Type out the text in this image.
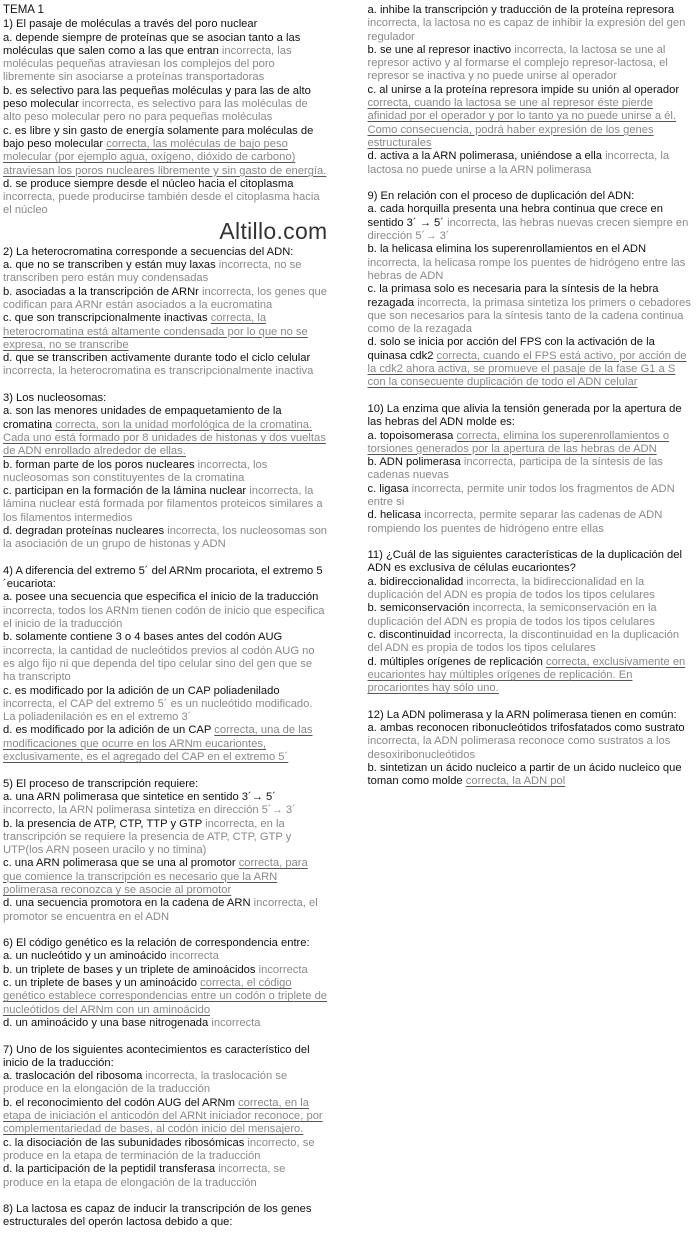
TEMA 1
1) El pasaje de moléculas a través del poro nuclear
a. depende siempre de proteínas que se asocian tanto a las moléculas que salen como a las que entran incorrecta, las moléculas pequeñas atraviesan los complejos del poro libremente sin asociarse a proteínas transportadoras
b. es selectivo para las pequeñas moléculas y para las de alto peso molecular incorrecta, es selectivo para las moléculas de alto peso molecular pero no para pequeñas moléculas
c. es libre y sin gasto de energía solamente para moléculas de bajo peso molecular correcta, las moléculas de bajo peso molecular (por ejemplo agua, oxígeno, dióxido de carbono) atraviesan los poros nucleares libremente y sin gasto de energía.
d. se produce siempre desde el núcleo hacia el citoplasma incorrecta, puede producirse también desde el citoplasma hacia el núcleo
Altillo.com
2) La heterocromatina corresponde a secuencias del ADN:
a. que no se transcriben y están muy laxas incorrecta, no se transcriben pero están muy condensadas
b. asociadas a la transcripción de ARNr incorrecta, los genes que codifican para ARNr están asociados a la eucromatina
c. que son transcripcionalmente inactivas correcta, la heterocromatina está altamente condensada por lo que no se expresa, no se transcribe
d. que se transcriben activamente durante todo el ciclo celular incorrecta, la heterocromatina es transcripcionalmente inactiva
3) Los nucleosomas:
a. son las menores unidades de empaquetamiento de la cromatina correcta, son la unidad morfológica de la cromatina. Cada uno está formado por 8 unidades de histonas y dos vueltas de ADN enrollado alrededor de ellas.
b. forman parte de los poros nucleares incorrecta, los nucleosomas son constituyentes de la cromatina
c. participan en la formación de la lámina nuclear incorrecta, la lámina nuclear está formada por filamentos proteicos similares a los filamentos intermedios
d. degradan proteínas nucleares incorrecta, los nucleosomas son la asociación de un grupo de histonas y ADN
4) A diferencia del extremo 5´ del ARNm procariota, el extremo 5´eucariota:
a. posee una secuencia que especifica el inicio de la traducción incorrecta, todos los ARNm tienen codón de inicio que especifica el inicio de la traducción
b. solamente contiene 3 o 4 bases antes del codón AUG incorrecta, la cantidad de nucleótidos previos al codón AUG no es algo fijo ni que dependa del tipo celular sino del gen que se ha transcripto
c. es modificado por la adición de un CAP poliadenilado incorrecta, el CAP del extremo 5´ es un nucleótido modificado. La poliadenilación es en el extremo 3´
d. es modificado por la adición de un CAP correcta, una de las modificaciones que ocurre en los ARNm eucariontes, exclusivamente, es el agregado del CAP en el extremo 5´
5) El proceso de transcripción requiere:
a. una ARN polimerasa que sintetice en sentido 3´→ 5´ incorrecto, la ARN polimerasa sintetiza en dirección 5´→ 3´
b. la presencia de ATP, CTP, TTP y GTP incorrecta, en la transcripción se requiere la presencia de ATP, CTP, GTP y UTP(los ARN poseen uracilo y no timina)
c. una ARN polimerasa que se una al promotor correcta, para que comience la transcripción es necesario que la ARN polimerasa reconozca y se asocie al promotor
d. una secuencia promotora en la cadena de ARN incorrecta, el promotor se encuentra en el ADN
6) El código genético es la relación de correspondencia entre:
a. un nucleótido y un aminoácido incorrecta
b. un triplete de bases y un triplete de aminoácidos incorrecta
c. un triplete de bases y un aminoácido correcta, el código genético establece correspondencias entre un codón o triplete de nucleótidos del ARNm con un aminoácido
d. un aminoácido y una base nitrogenada incorrecta
7) Uno de los siguientes acontecimientos es característico del inicio de la traducción:
a. traslocación del ribosoma incorrecta, la traslocación se produce en la elongación de la traducción
b. el reconocimiento del codón AUG del ARNm correcta, en la etapa de iniciación el anticodón del ARNt iniciador reconoce, por complementariedad de bases, al codón inicio del mensajero.
c. la disociación de las subunidades ribosómicas incorrecto, se produce en la etapa de terminación de la traducción
d. la participación de la peptidil transferasa incorrecta, se produce en la etapa de elongación de la traducción
8) La lactosa es capaz de inducir la transcripción de los genes estructurales del operón lactosa debido a que:
a. inhibe la transcripción y traducción de la proteína represora incorrecta, la lactosa no es capaz de inhibir la expresión del gen regulador
b. se une al represor inactivo incorrecta, la lactosa se une al represor activo y al formarse el complejo represor-lactosa, el represor se inactiva y no puede unirse al operador
c. al unirse a la proteína represora impide su unión al operador correcta, cuando la lactosa se une al represor éste pierde afinidad por el operador y por lo tanto ya no puede unirse a él. Como consecuencia, podrá haber expresión de los genes estructurales
d. activa a la ARN polimerasa, uniéndose a ella incorrecta, la lactosa no puede unirse a la ARN polimerasa
9) En relación con el proceso de duplicación del ADN:
a. cada horquilla presenta una hebra continua que crece en sentido 3´ → 5´ incorrecta, las hebras nuevas crecen siempre en dirección 5´→ 3´
b. la helicasa elimina los superenrollamientos en el ADN incorrecta, la helicasa rompe los puentes de hidrógeno entre las hebras de ADN
c. la primasa solo es necesaria para la síntesis de la hebra rezagada incorrecta, la primasa sintetiza los primers o cebadores que son necesarios para la síntesis tanto de la cadena continua como de la rezagada
d. solo se inicia por acción del FPS con la activación de la quinasa cdk2 correcta, cuando el FPS está activo, por acción de la cdk2 ahora activa, se promueve el pasaje de la fase G1 a S con la consecuente duplicación de todo el ADN celular
10) La enzima que alivia la tensión generada por la apertura de las hebras del ADN molde es:
a. topoisomerasa correcta, elimina los superenrollamientos o torsiones generados por la apertura de las hebras de ADN
b. ADN polimerasa incorrecta, participa de la síntesis de las cadenas nuevas
c. ligasa incorrecta, permite unir todos los fragmentos de ADN entre si
d. helicasa incorrecta, permite separar las cadenas de ADN rompiendo los puentes de hidrógeno entre ellas
11) ¿Cuál de las siguientes características de la duplicación del ADN es exclusiva de células eucariontes?
a. bidireccionalidad incorrecta, la bidireccionalidad en la duplicación del ADN es propia de todos los tipos celulares
b. semiconservación incorrecta, la semiconservación en la duplicación del ADN es propia de todos los tipos celulares
c. discontinuidad incorrecta, la discontinuidad en la duplicación del ADN es propia de todos los tipos celulares
d. múltiples orígenes de replicación correcta, exclusivamente en eucariontes hay múltiples orígenes de replicación. En procariontes hay sólo uno.
12) La ADN polimerasa y la ARN polimerasa tienen en común:
a. ambas reconocen ribonucleótidos trifosfatados como sustrato incorrecta, la ADN polimerasa reconoce como sustratos a los desoxiribonucleótidos
b. sintetizan un ácido nucleico a partir de un ácido nucleico que toman como molde correcta, la ADN pol
